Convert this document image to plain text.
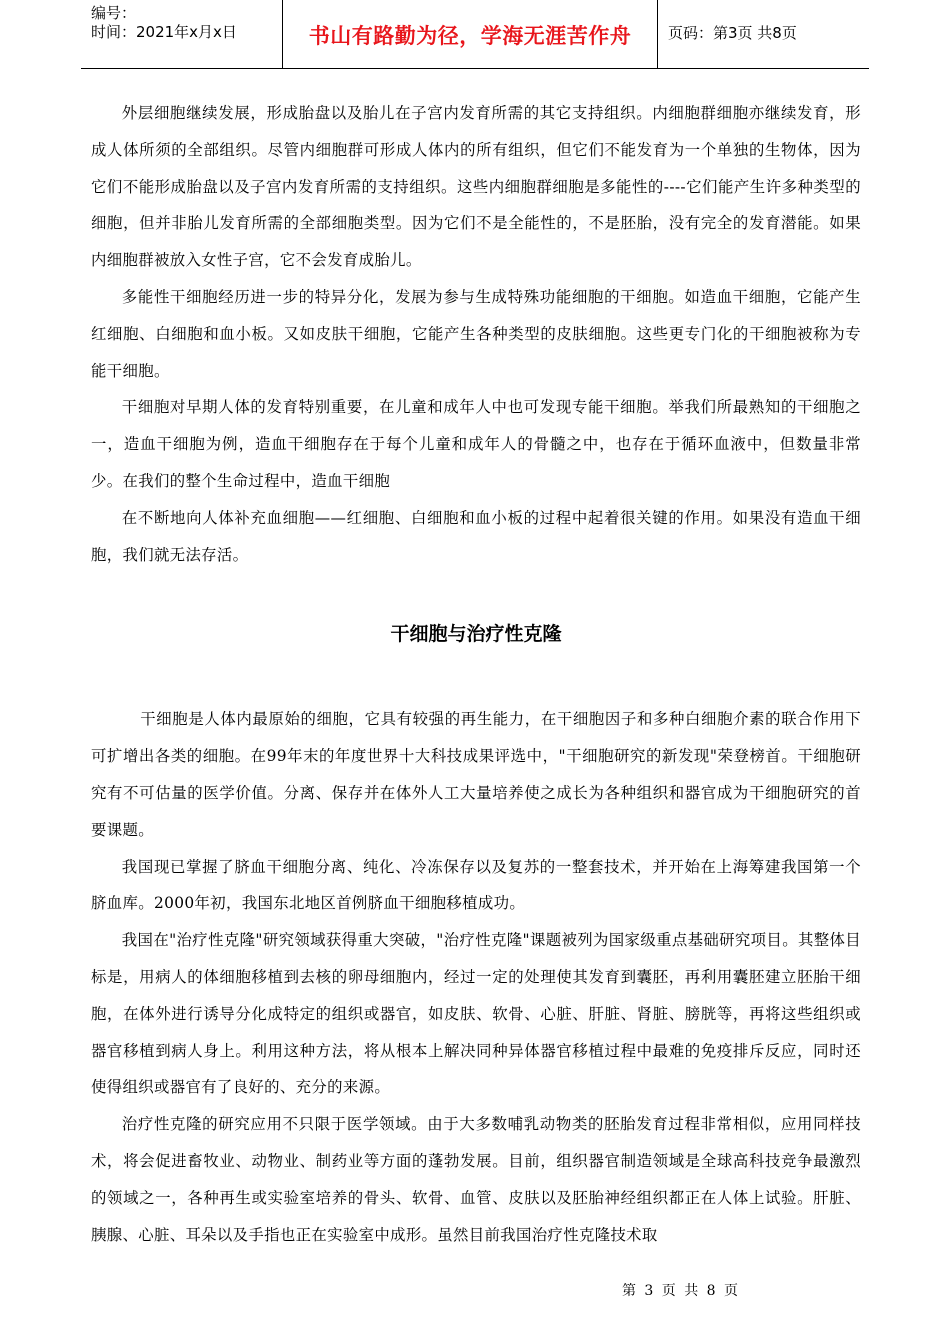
编号：
时间：2021年x月x日	书山有路勤为径，学海无涯苦作舟	页码：第3页 共8页

外层细胞继续发展，形成胎盘以及胎儿在子宫内发育所需的其它支持组织。内细胞群细胞亦继续发育，形成人体所须的全部组织。尽管内细胞群可形成人体内的所有组织，但它们不能发育为一个单独的生物体，因为它们不能形成胎盘以及子宫内发育所需的支持组织。这些内细胞群细胞是多能性的----它们能产生许多种类型的细胞，但并非胎儿发育所需的全部细胞类型。因为它们不是全能性的，不是胚胎，没有完全的发育潜能。如果内细胞群被放入女性子宫，它不会发育成胎儿。

多能性干细胞经历进一步的特异分化，发展为参与生成特殊功能细胞的干细胞。如造血干细胞，它能产生红细胞、白细胞和血小板。又如皮肤干细胞，它能产生各种类型的皮肤细胞。这些更专门化的干细胞被称为专能干细胞。

干细胞对早期人体的发育特别重要，在儿童和成年人中也可发现专能干细胞。举我们所最熟知的干细胞之一，造血干细胞为例，造血干细胞存在于每个儿童和成年人的骨髓之中，也存在于循环血液中，但数量非常少。在我们的整个生命过程中，造血干细胞

在不断地向人体补充血细胞——红细胞、白细胞和血小板的过程中起着很关键的作用。如果没有造血干细胞，我们就无法存活。

干细胞与治疗性克隆

干细胞是人体内最原始的细胞，它具有较强的再生能力，在干细胞因子和多种白细胞介素的联合作用下可扩增出各类的细胞。在99年末的年度世界十大科技成果评选中，"干细胞研究的新发现"荣登榜首。干细胞研究有不可估量的医学价值。分离、保存并在体外人工大量培养使之成长为各种组织和器官成为干细胞研究的首要课题。

我国现已掌握了脐血干细胞分离、纯化、冷冻保存以及复苏的一整套技术，并开始在上海筹建我国第一个脐血库。2000年初，我国东北地区首例脐血干细胞移植成功。

我国在"治疗性克隆"研究领域获得重大突破，"治疗性克隆"课题被列为国家级重点基础研究项目。其整体目标是，用病人的体细胞移植到去核的卵母细胞内，经过一定的处理使其发育到囊胚，再利用囊胚建立胚胎干细胞，在体外进行诱导分化成特定的组织或器官，如皮肤、软骨、心脏、肝脏、肾脏、膀胱等，再将这些组织或器官移植到病人身上。利用这种方法，将从根本上解决同种异体器官移植过程中最难的免疫排斥反应，同时还使得组织或器官有了良好的、充分的来源。

治疗性克隆的研究应用不只限于医学领域。由于大多数哺乳动物类的胚胎发育过程非常相似，应用同样技术，将会促进畜牧业、动物业、制药业等方面的蓬勃发展。目前，组织器官制造领域是全球高科技竞争最激烈的领域之一，各种再生或实验室培养的骨头、软骨、血管、皮肤以及胚胎神经组织都正在人体上试验。肝脏、胰腺、心脏、耳朵以及手指也正在实验室中成形。虽然目前我国治疗性克隆技术取

第 3 页 共 8 页
